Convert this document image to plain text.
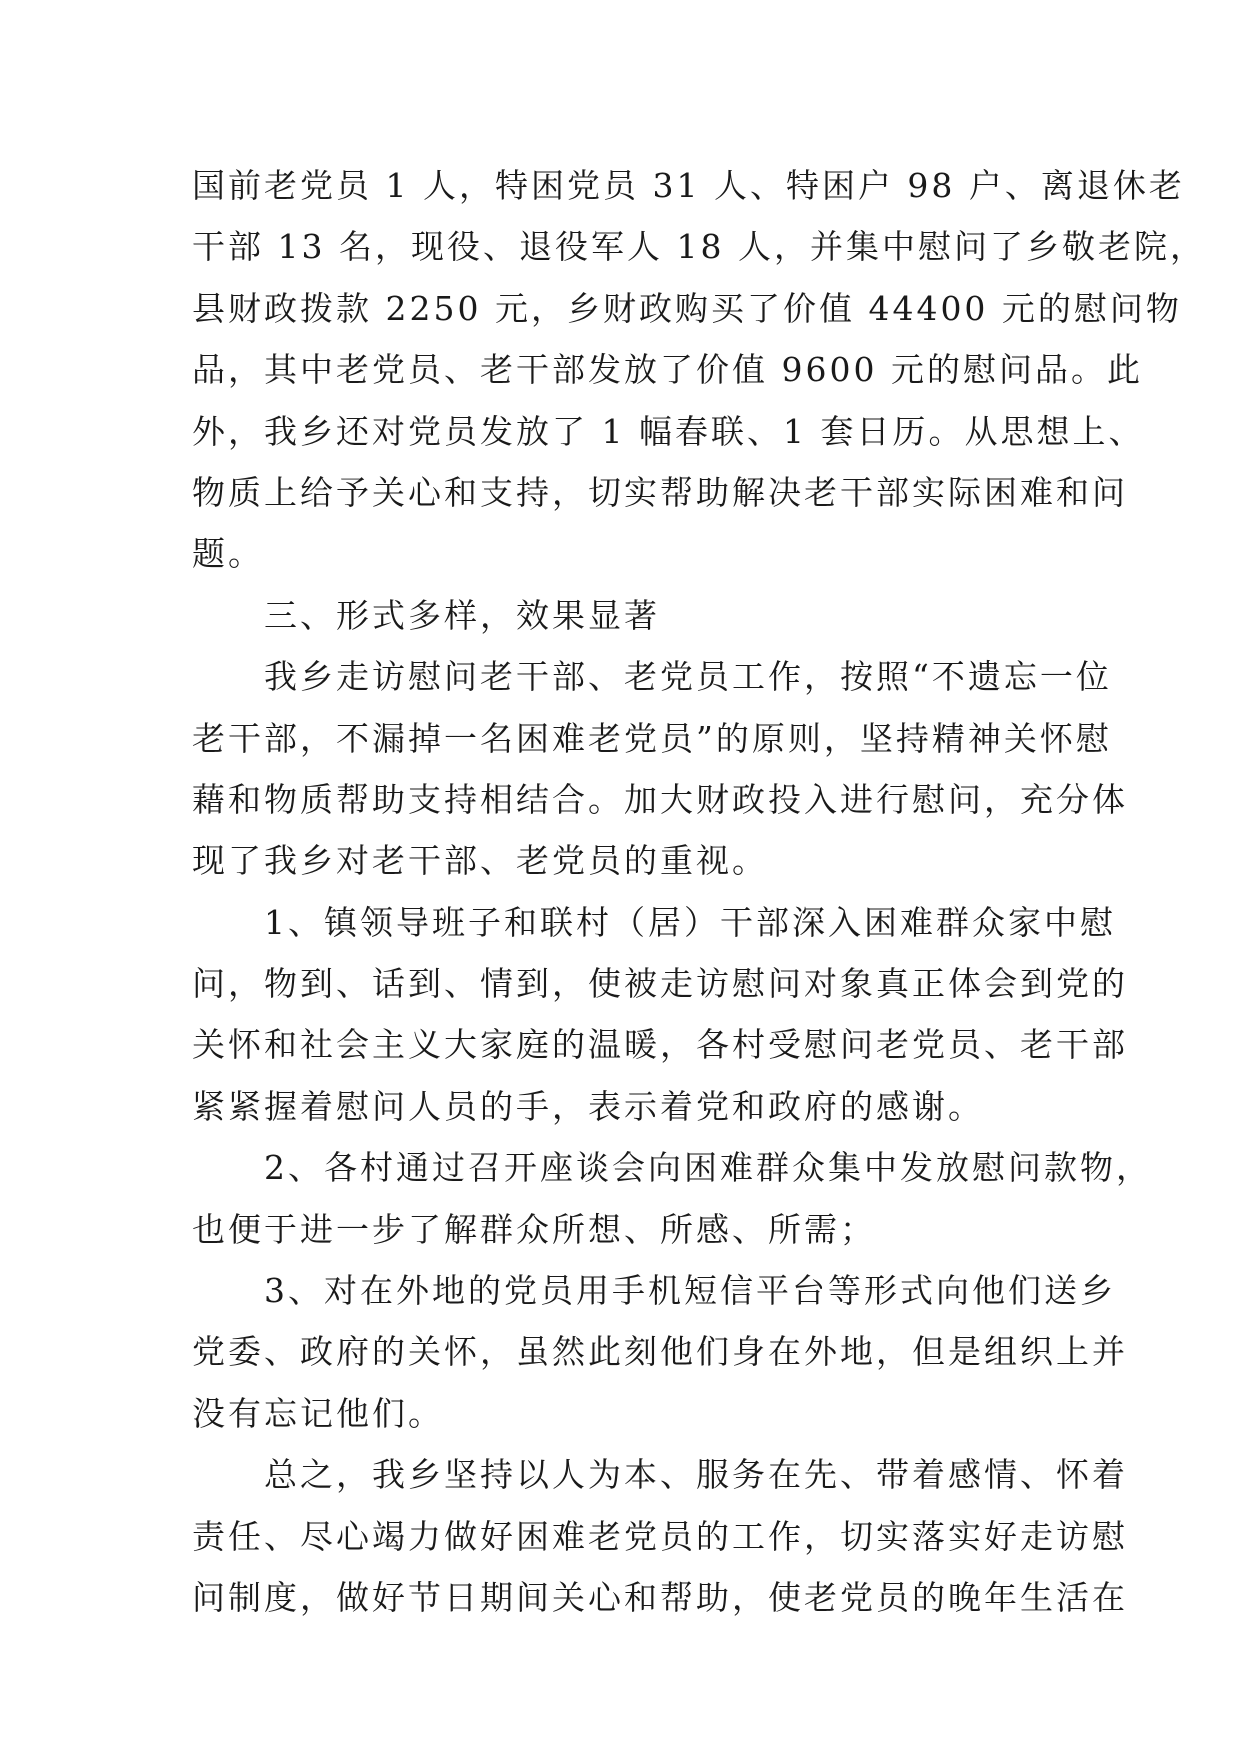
国前老党员 1 人，特困党员 31 人、特困户 98 户、离退休老
干部 13 名，现役、退役军人 18 人，并集中慰问了乡敬老院，
县财政拨款 2250 元，乡财政购买了价值 44400 元的慰问物
品，其中老党员、老干部发放了价值 9600 元的慰问品。此
外，我乡还对党员发放了 1 幅春联、1 套日历。从思想上、
物质上给予关心和支持，切实帮助解决老干部实际困难和问
题。
　　三、形式多样，效果显著
　　我乡走访慰问老干部、老党员工作，按照“不遗忘一位
老干部，不漏掉一名困难老党员”的原则，坚持精神关怀慰
藉和物质帮助支持相结合。加大财政投入进行慰问，充分体
现了我乡对老干部、老党员的重视。
　　1、镇领导班子和联村（居）干部深入困难群众家中慰
问，物到、话到、情到，使被走访慰问对象真正体会到党的
关怀和社会主义大家庭的温暖，各村受慰问老党员、老干部
紧紧握着慰问人员的手，表示着党和政府的感谢。
　　2、各村通过召开座谈会向困难群众集中发放慰问款物，
也便于进一步了解群众所想、所感、所需；
　　3、对在外地的党员用手机短信平台等形式向他们送乡
党委、政府的关怀，虽然此刻他们身在外地，但是组织上并
没有忘记他们。
　　总之，我乡坚持以人为本、服务在先、带着感情、怀着
责任、尽心竭力做好困难老党员的工作，切实落实好走访慰
问制度，做好节日期间关心和帮助，使老党员的晚年生活在
